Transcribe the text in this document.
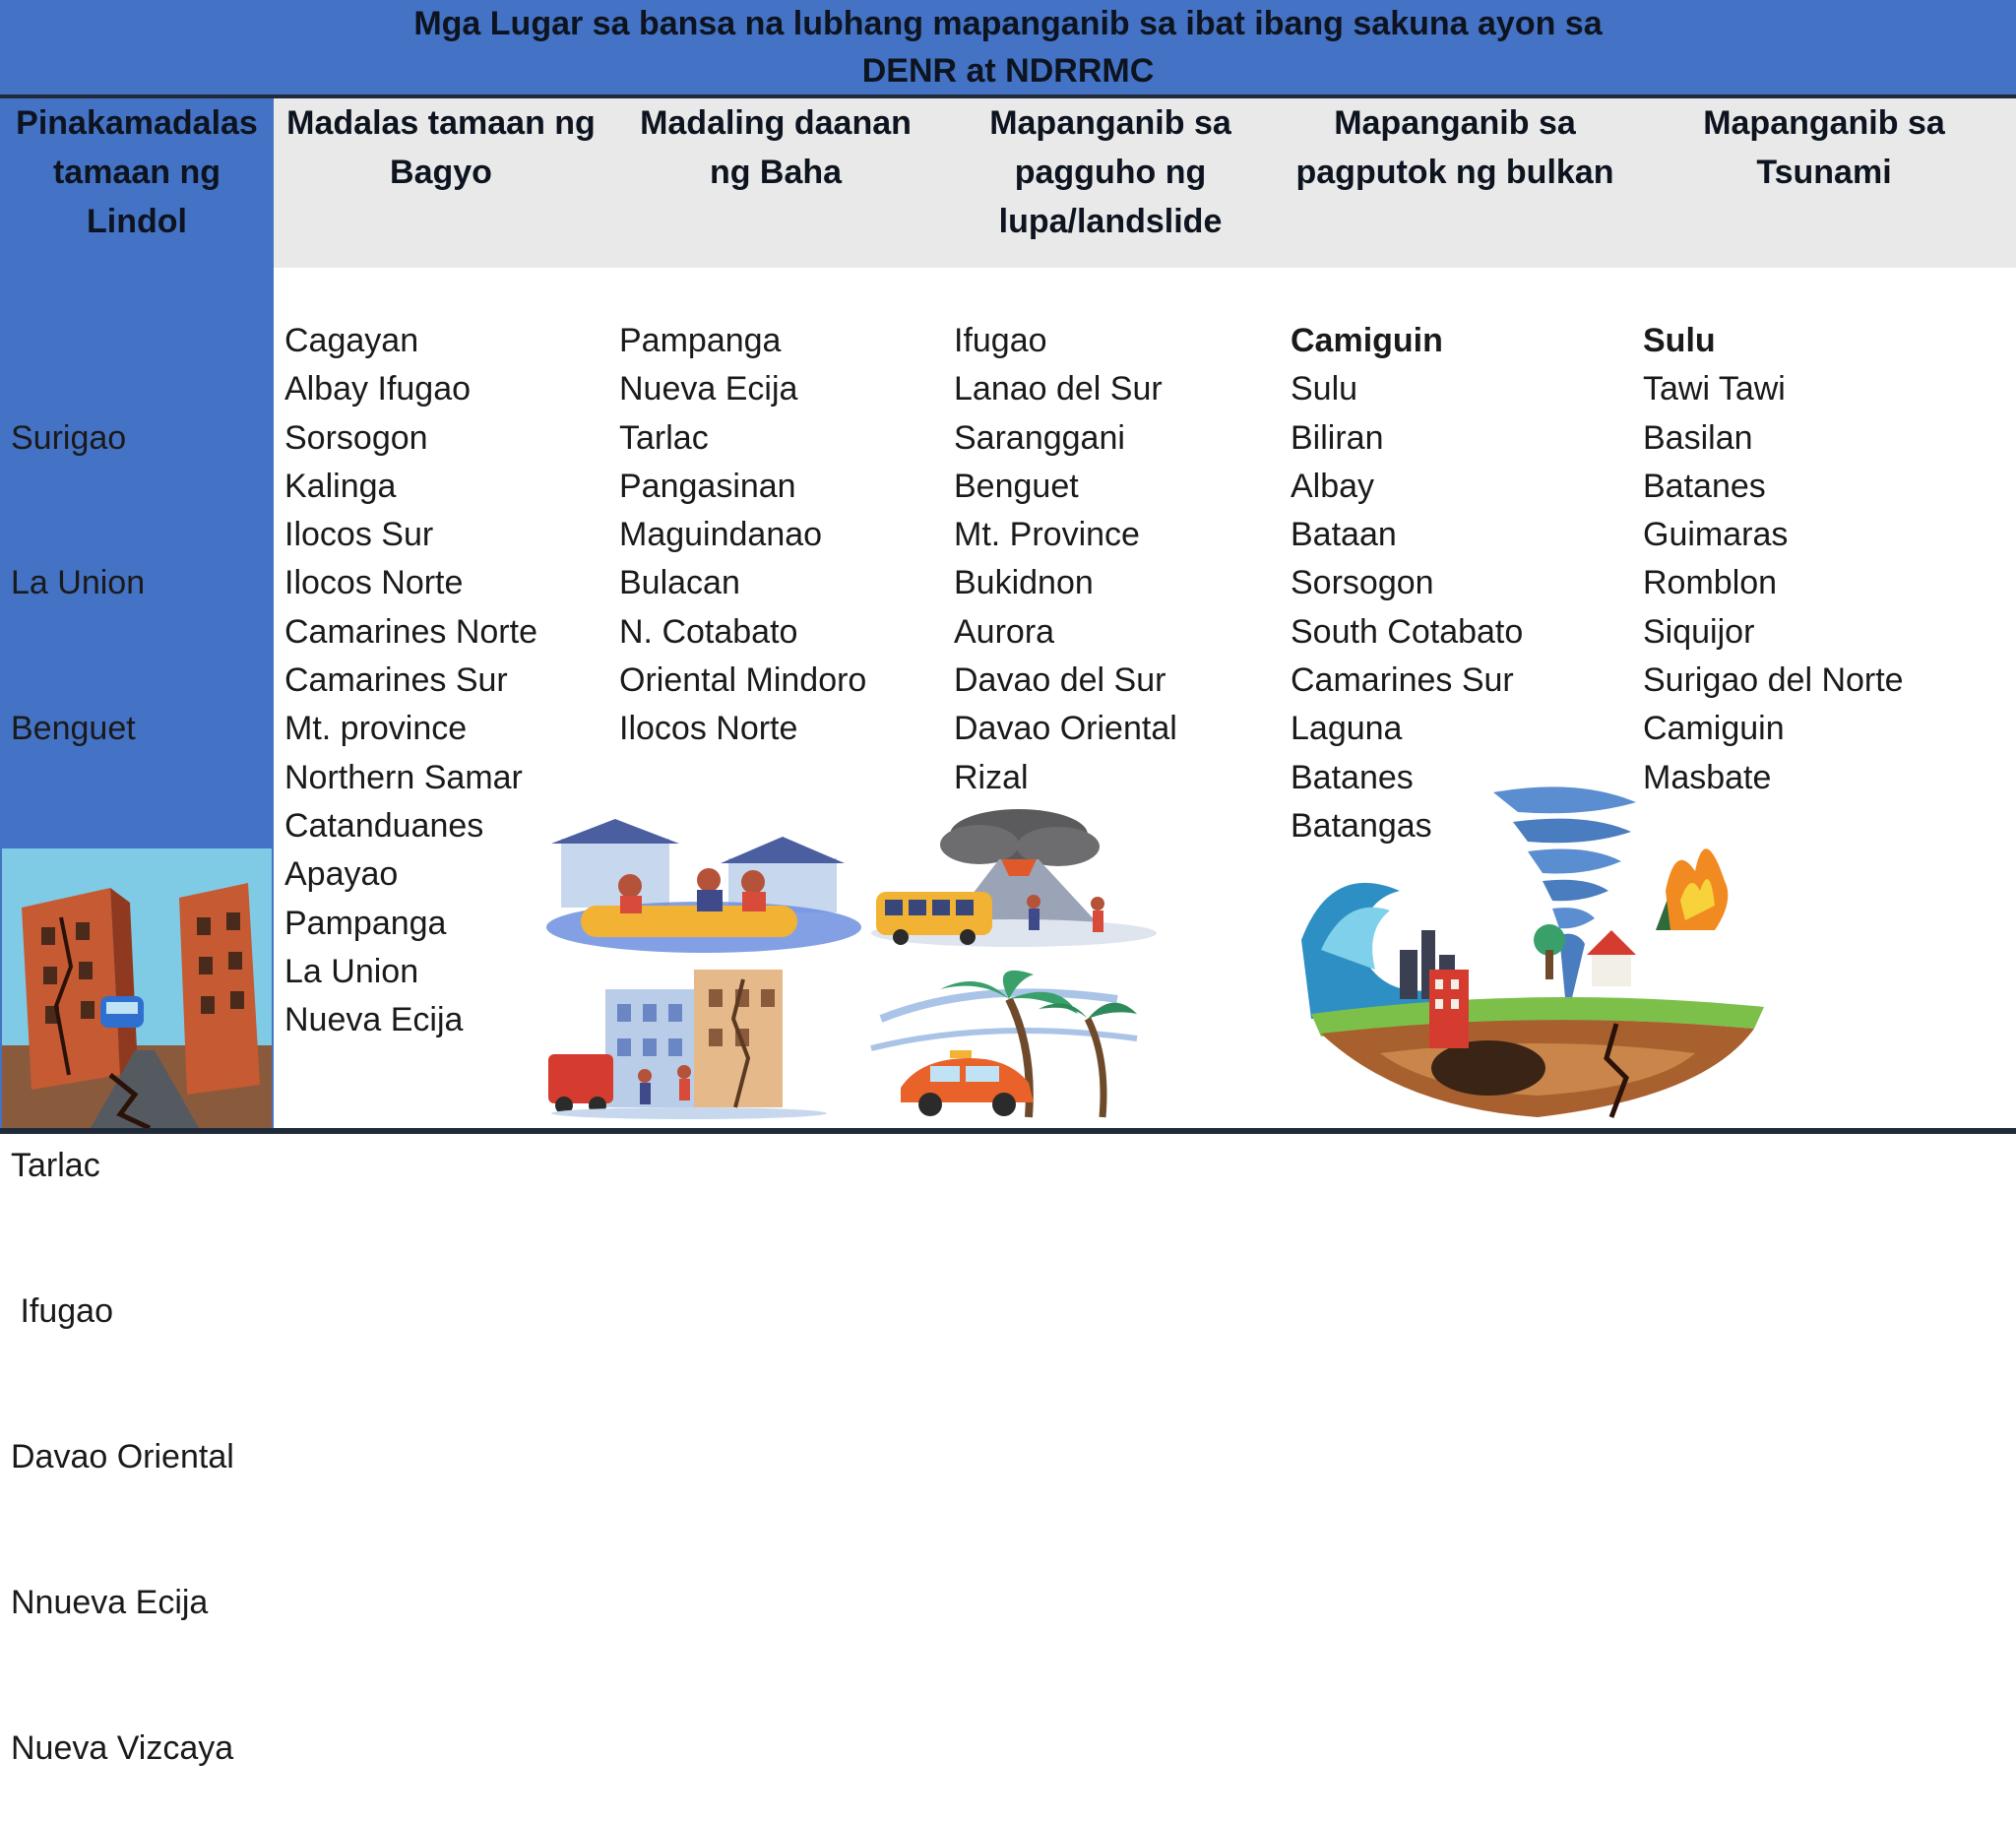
Mga Lugar sa bansa na lubhang mapanganib sa ibat ibang sakuna ayon sa
DENR at NDRRMC
Pinakamadalas
tamaan ng
Lindol
Madalas tamaan ng
Bagyo
Madaling daanan
ng Baha
Mapanganib sa
pagguho ng
lupa/landslide
Mapanganib sa
pagputok ng bulkan
Mapanganib sa
Tsunami

Surigao

La Union

Benguet

Tarlac

Ifugao

Davao Oriental

Nnueva Ecija

Nueva Vizcaya

Cagayan
Albay Ifugao
Sorsogon
Kalinga
Ilocos Sur
Ilocos Norte
Camarines Norte
Camarines Sur
Mt. province
Northern Samar
Catanduanes
Apayao
Pampanga
La Union
Nueva Ecija
Pampanga
Nueva Ecija
Tarlac
Pangasinan
Maguindanao
Bulacan
N. Cotabato
Oriental Mindoro
Ilocos Norte
Ifugao
Lanao del Sur
Saranggani
Benguet
Mt. Province
Bukidnon
Aurora
Davao del Sur
Davao Oriental
Rizal
Camiguin
Sulu
Biliran
Albay
Bataan
Sorsogon
South Cotabato
Camarines Sur
Laguna
Batanes
Batangas
Sulu
Tawi Tawi
Basilan
Batanes
Guimaras
Romblon
Siquijor
Surigao del Norte
Camiguin
Masbate
